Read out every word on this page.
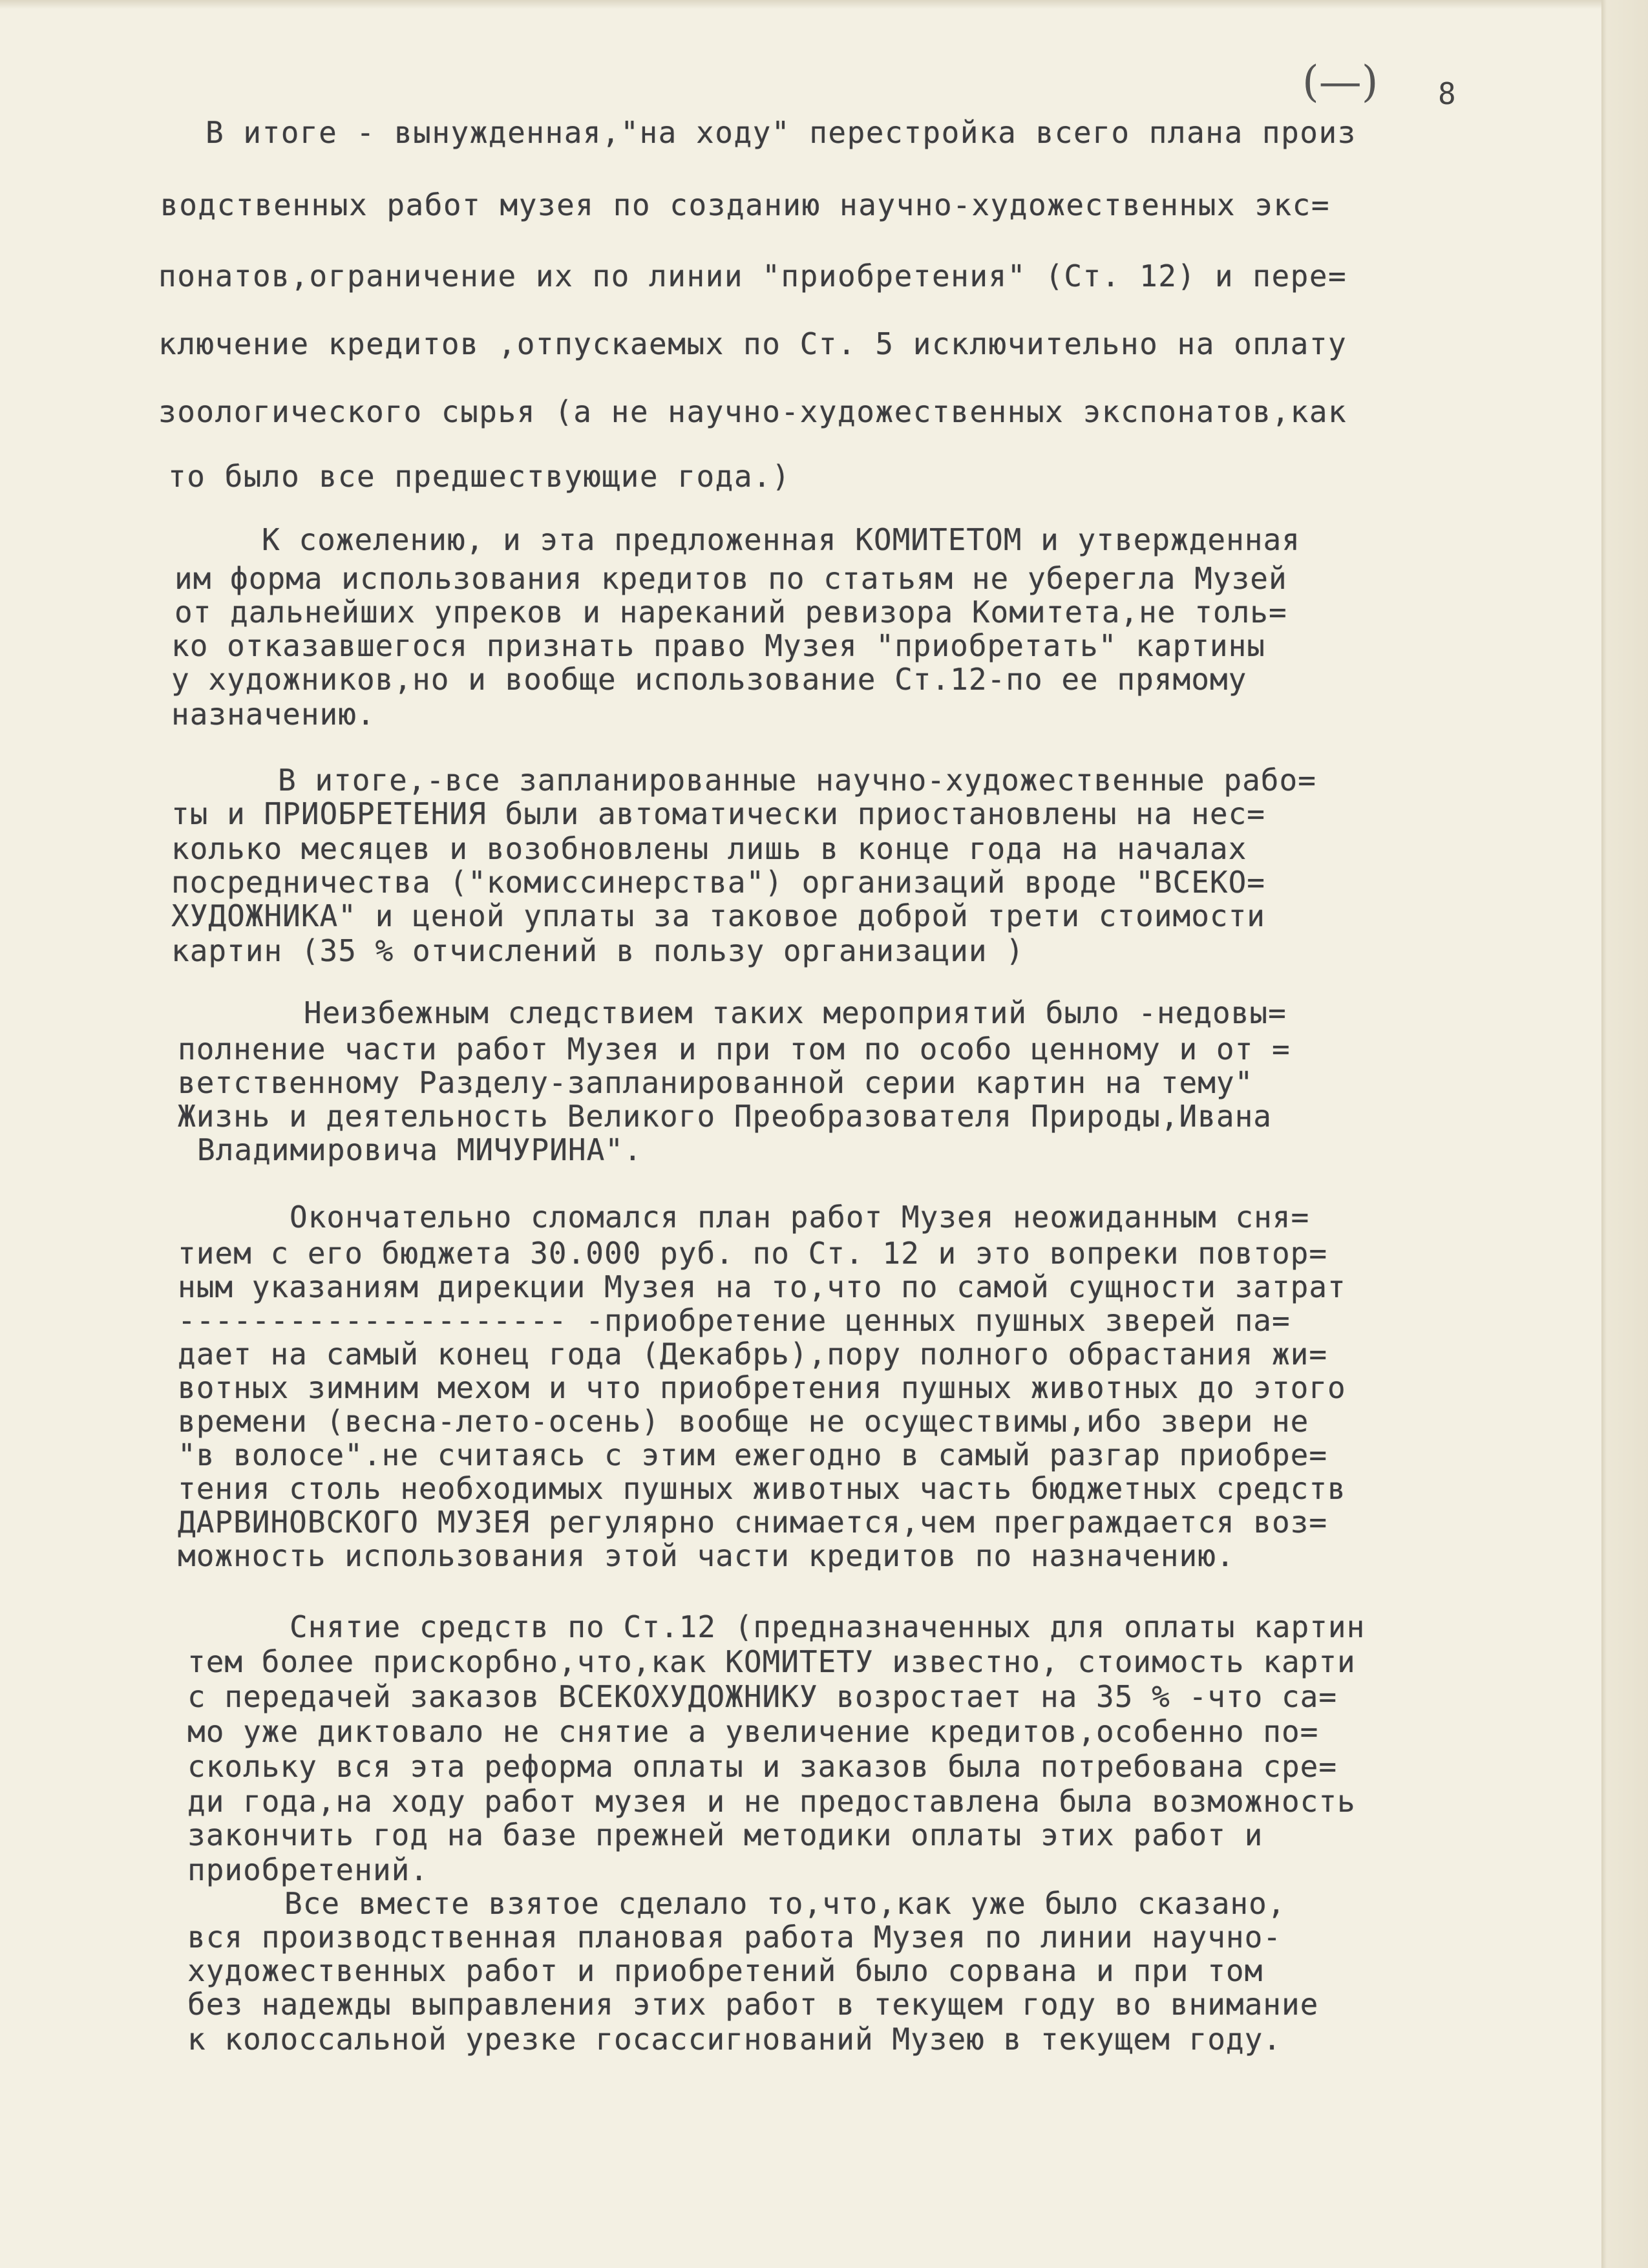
(—) 8
В итоге - вынужденная,"на ходу" перестройка всего плана произ
водственных работ музея по созданию научно-художественных экс=
понатов,ограничение их по линии "приобретения" (Ст. 12) и пере=
ключение кредитов ,отпускаемых по Ст. 5 исключительно на оплату
зоологического сырья (а не научно-художественных экспонатов,как
то было все предшествующие года.)
К сожелению, и эта предложенная КОМИТЕТОМ и утвержденная
им форма использования кредитов по статьям не уберегла Музей
от дальнейших упреков и нареканий ревизора Комитета,не толь=
ко отказавшегося признать право Музея "приобретать" картины
у художников,но и вообще использование Ст.12-по ее прямому
назначению.
В итоге,-все запланированные научно-художественные рабо=
ты и ПРИОБРЕТЕНИЯ были автоматически приостановлены на нес=
колько месяцев и возобновлены лишь в конце года на началах
посредничества ("комиссинерства") организаций вроде "ВСЕКО=
ХУДОЖНИКА" и ценой уплаты за таковое доброй трети стоимости
картин (35 % отчислений в пользу организации )
Неизбежным следствием таких мероприятий было -недовы=
полнение части работ Музея и при том по особо ценному и от =
ветственному Разделу-запланированной серии картин на тему"
Жизнь и деятельность Великого Преобразователя Природы,Ивана
Владимировича МИЧУРИНА".
Окончательно сломался план работ Музея неожиданным сня=
тием с его бюджета 30.000 руб. по Ст. 12 и это вопреки повтор=
ным указаниям дирекции Музея на то,что по самой сущности затрат
--------------------- -приобретение ценных пушных зверей па=
дает на самый конец года (Декабрь),пору полного обрастания жи=
вотных зимним мехом и что приобретения пушных животных до этого
времени (весна-лето-осень) вообще не осуществимы,ибо звери не
"в волосе".не считаясь с этим ежегодно в самый разгар приобре=
тения столь необходимых пушных животных часть бюджетных средств
ДАРВИНОВСКОГО МУЗЕЯ регулярно снимается,чем преграждается воз=
можность использования этой части кредитов по назначению.
Снятие средств по Ст.12 (предназначенных для оплаты картин
тем более прискорбно,что,как КОМИТЕТУ известно, стоимость карти
с передачей заказов ВСЕКОХУДОЖНИКУ возростает на 35 % -что са=
мо уже диктовало не снятие а увеличение кредитов,особенно по=
скольку вся эта реформа оплаты и заказов была потребована сре=
ди года,на ходу работ музея и не предоставлена была возможность
закончить год на базе прежней методики оплаты этих работ и
приобретений.
Все вместе взятое сделало то,что,как уже было сказано,
вся производственная плановая работа Музея по линии научно-
художественных работ и приобретений было сорвана и при том
без надежды выправления этих работ в текущем году во внимание
к колоссальной урезке госассигнований Музею в текущем году.
